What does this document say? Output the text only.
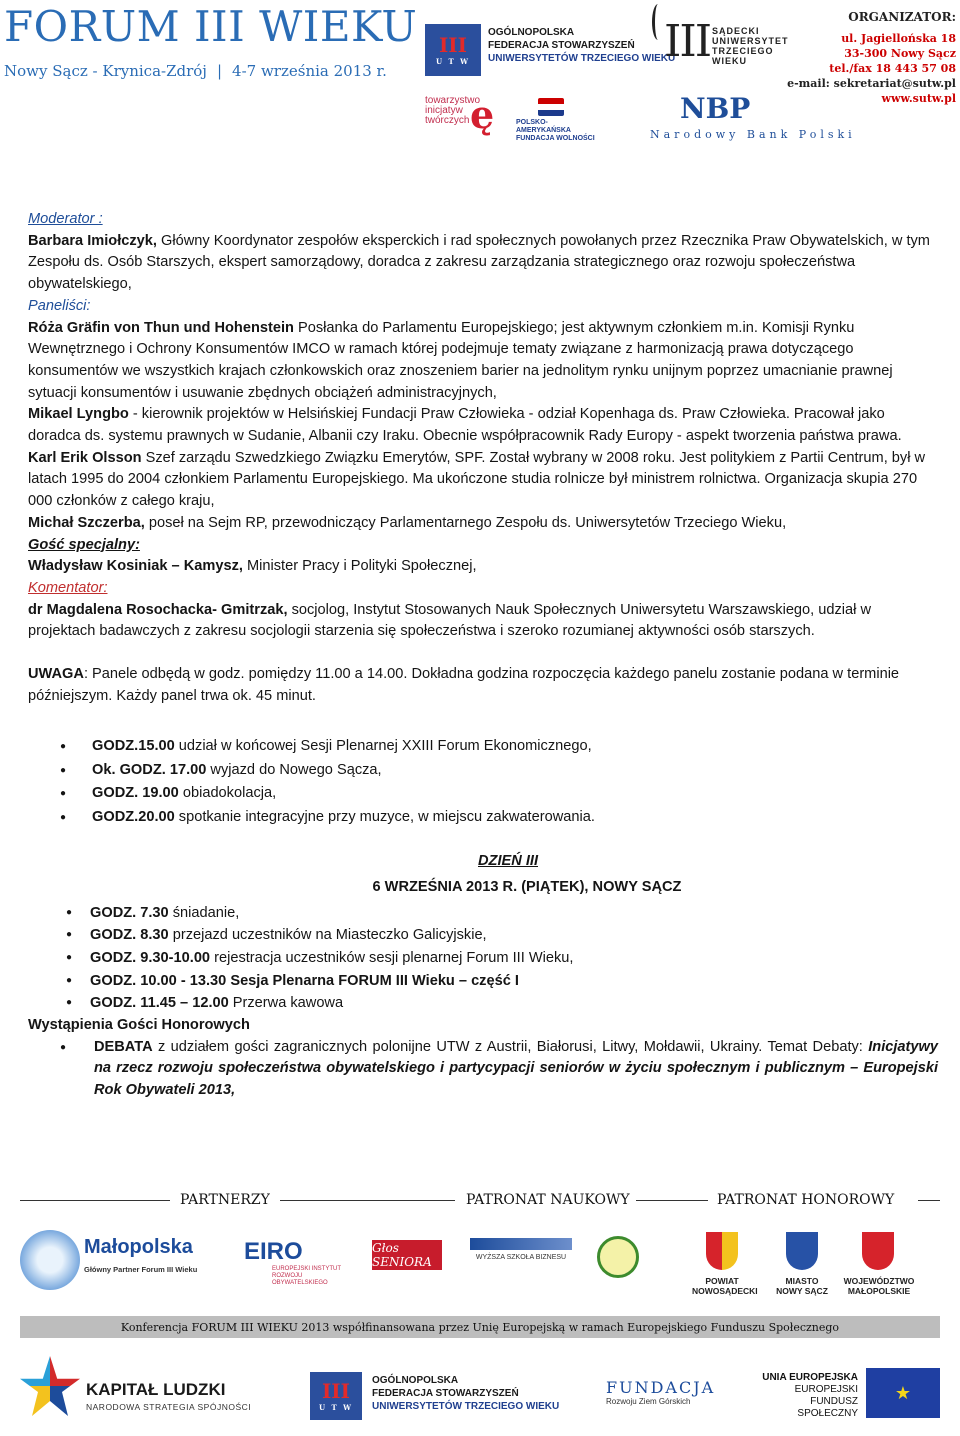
FORUM III WIEKU
Nowy Sącz - Krynica-Zdrój | 4-7 września 2013 r.
III
U T W
OGÓLNOPOLSKA
FEDERACJA STOWARZYSZEŃ
UNIWERSYTETÓW TRZECIEGO WIEKU
towarzystwo inicjatyw twórczych ę	POLSKO-AMERYKAŃSKA FUNDACJA WOLNOŚCI
III SĄDECKI
UNIWERSYTET
TRZECIEGO
WIEKU
NBP
Narodowy Bank Polski
ORGANIZATOR:
ul. Jagiellońska 18
33-300 Nowy Sącz
tel./fax 18 443 57 08
e-mail: sekretariat@sutw.pl
www.sutw.pl

Moderator :

Barbara Imiołczyk, Główny Koordynator zespołów eksperckich i rad społecznych powołanych przez Rzecznika Praw Obywatelskich, w tym Zespołu ds. Osób Starszych, ekspert samorządowy, doradca z zakresu zarządzania strategicznego oraz rozwoju społeczeństwa obywatelskiego,

Paneliści:

Róża Gräfin von Thun und Hohenstein Posłanka do Parlamentu Europejskiego; jest aktywnym członkiem m.in. Komisji Rynku Wewnętrznego i Ochrony Konsumentów IMCO w ramach której podejmuje tematy związane z harmonizacją prawa dotyczącego konsumentów we wszystkich krajach członkowskich oraz znoszeniem barier na jednolitym rynku unijnym poprzez umacnianie prawnej sytuacji konsumentów i usuwanie zbędnych obciążeń administracyjnych,

Mikael Lyngbo - kierownik projektów w Helsińskiej Fundacji Praw Człowieka - odział Kopenhaga ds. Praw Człowieka. Pracował jako doradca ds. systemu prawnych w Sudanie, Albanii czy Iraku. Obecnie współpracownik Rady Europy - aspekt tworzenia państwa prawa.

Karl Erik Olsson Szef zarządu Szwedzkiego Związku Emerytów, SPF. Został wybrany w 2008 roku. Jest politykiem z Partii Centrum, był w latach 1995 do 2004 członkiem Parlamentu Europejskiego. Ma ukończone studia rolnicze był ministrem rolnictwa. Organizacja skupia 270 000 członków z całego kraju,

Michał Szczerba, poseł na Sejm RP, przewodniczący Parlamentarnego Zespołu ds. Uniwersytetów Trzeciego Wieku,

Gość specjalny:

Władysław Kosiniak – Kamysz, Minister Pracy i Polityki Społecznej,

Komentator:

dr Magdalena Rosochacka- Gmitrzak, socjolog, Instytut Stosowanych Nauk Społecznych Uniwersytetu Warszawskiego, udział w projektach badawczych z zakresu socjologii starzenia się społeczeństwa i szeroko rozumianej aktywności osób starszych.

UWAGA: Panele odbędą w godz. pomiędzy 11.00 a 14.00. Dokładna godzina rozpoczęcia każdego panelu zostanie podana w terminie późniejszym. Każdy panel trwa ok. 45 minut.

● GODZ.15.00 udział w końcowej Sesji Plenarnej XXIII Forum Ekonomicznego,
● Ok. GODZ. 17.00 wyjazd do Nowego Sącza,
● GODZ. 19.00 obiadokolacja,
● GODZ.20.00 spotkanie integracyjne przy muzyce, w miejscu zakwaterowania.

DZIEŃ III

6 WRZEŚNIA 2013 R. (PIĄTEK), NOWY SĄCZ

● GODZ. 7.30 śniadanie,
● GODZ. 8.30 przejazd uczestników na Miasteczko Galicyjskie,
● GODZ. 9.30-10.00 rejestracja uczestników sesji plenarnej Forum III Wieku,
● GODZ. 10.00 - 13.30 Sesja Plenarna FORUM III Wieku – część I
● GODZ. 11.45 – 12.00 Przerwa kawowa

Wystąpienia Gości Honorowych

● DEBATA z udziałem gości zagranicznych polonijne UTW z Austrii, Białorusi, Litwy, Mołdawii, Ukrainy. Temat Debaty: Inicjatywy na rzecz rozwoju społeczeństwa obywatelskiego i partycypacji seniorów w życiu społecznym i publicznym – Europejski Rok Obywateli 2013,

PARTNERZY	PATRONAT NAUKOWY	PATRONAT HONOROWY
Małopolska
Główny Partner Forum III Wieku
EIRO
EUROPEJSKI INSTYTUT ROZWOJU OBYWATELSKIEGO
Głos SENIORA	WYŻSZA SZKOŁA BIZNESU
POWIAT NOWOSĄDECKI
MIASTO NOWY SĄCZ
WOJEWÓDZTWO MAŁOPOLSKIE
Konferencja FORUM III WIEKU 2013 współfinansowana przez Unię Europejską w ramach Europejskiego Funduszu Społecznego
KAPITAŁ LUDZKI
NARODOWA STRATEGIA SPÓJNOŚCI
III
U T W
OGÓLNOPOLSKA
FEDERACJA STOWARZYSZEŃ
UNIWERSYTETÓW TRZECIEGO WIEKU
FUNDACJA
Rozwoju Ziem Górskich
UNIA EUROPEJSKA
EUROPEJSKI
FUNDUSZ SPOŁECZNY
★
